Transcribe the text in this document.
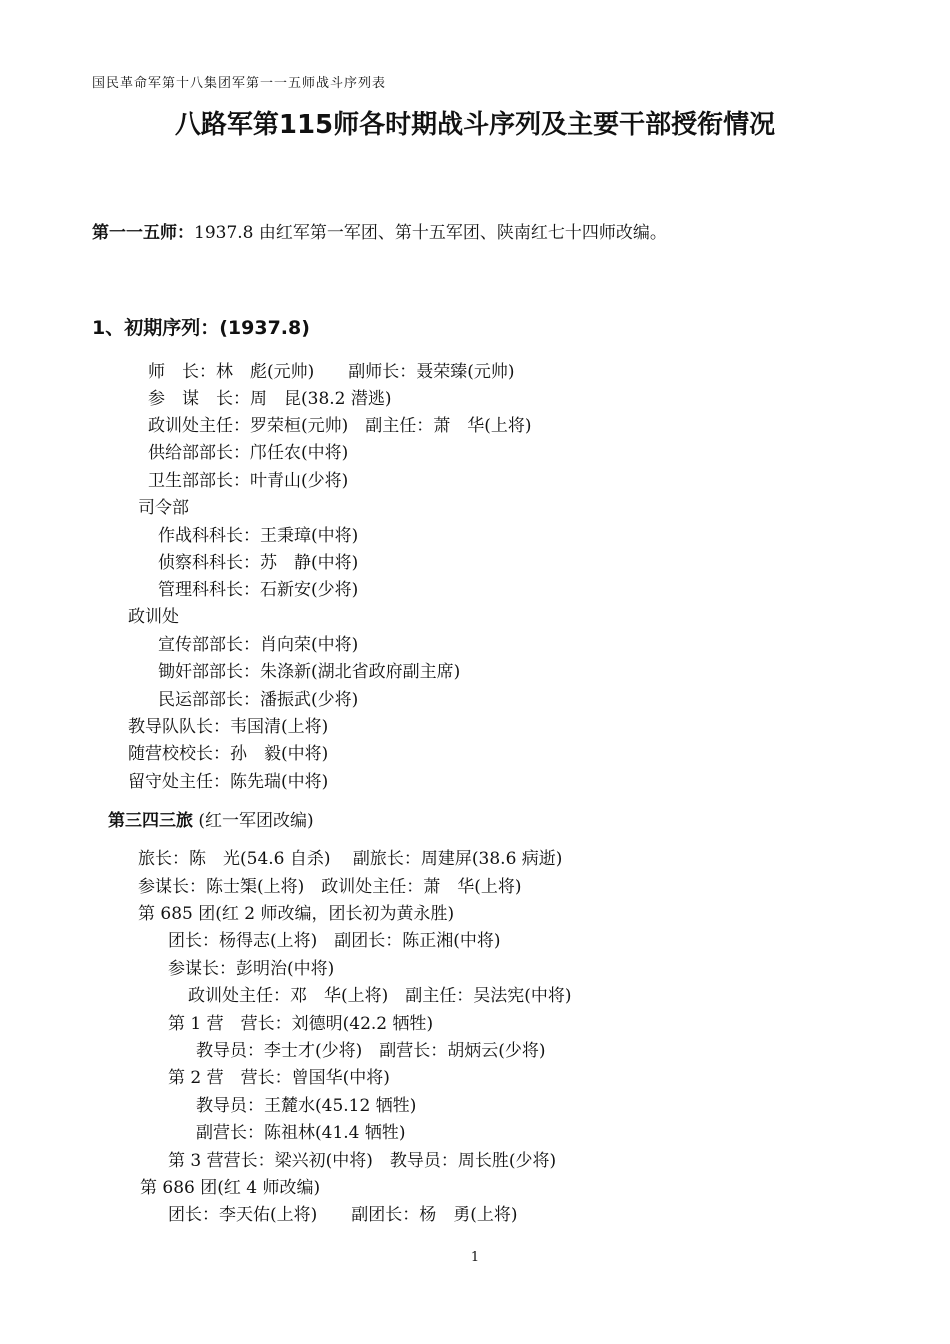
国民革命军第十八集团军第一一五师战斗序列表
八路军第115师各时期战斗序列及主要干部授衔情况
第一一五师：1937.8 由红军第一军团、第十五军团、陕南红七十四师改编。
1、初期序列：(1937.8)
师　长：林　彪(元帅)　　副师长：聂荣臻(元帅)
参　谋　长：周　昆(38.2 潜逃)
政训处主任：罗荣桓(元帅)　副主任：萧　华(上将)
供给部部长：邝任农(中将)
卫生部部长：叶青山(少将)
司令部
作战科科长：王秉璋(中将)
侦察科科长：苏　静(中将)
管理科科长：石新安(少将)
政训处
宣传部部长：肖向荣(中将)
锄奸部部长：朱涤新(湖北省政府副主席)
民运部部长：潘振武(少将)
教导队队长：韦国清(上将)
随营校校长：孙　毅(中将)
留守处主任：陈先瑞(中将)
第三四三旅 (红一军团改编)
旅长：陈　光(54.6 自杀)　 副旅长：周建屏(38.6 病逝)
参谋长：陈士榘(上将)　政训处主任：萧　华(上将)
第 685 团(红 2 师改编，团长初为黄永胜)
团长：杨得志(上将)　副团长：陈正湘(中将)
参谋长：彭明治(中将)
政训处主任：邓　华(上将)　副主任：吴法宪(中将)
第 1 营　营长：刘德明(42.2 牺牲)
教导员：李士才(少将)　副营长：胡炳云(少将)
第 2 营　营长：曾国华(中将)
教导员：王麓水(45.12 牺牲)
副营长：陈祖林(41.4 牺牲)
第 3 营营长：梁兴初(中将)　教导员：周长胜(少将)
第 686 团(红 4 师改编)
团长：李天佑(上将)　　副团长：杨　勇(上将)
1
